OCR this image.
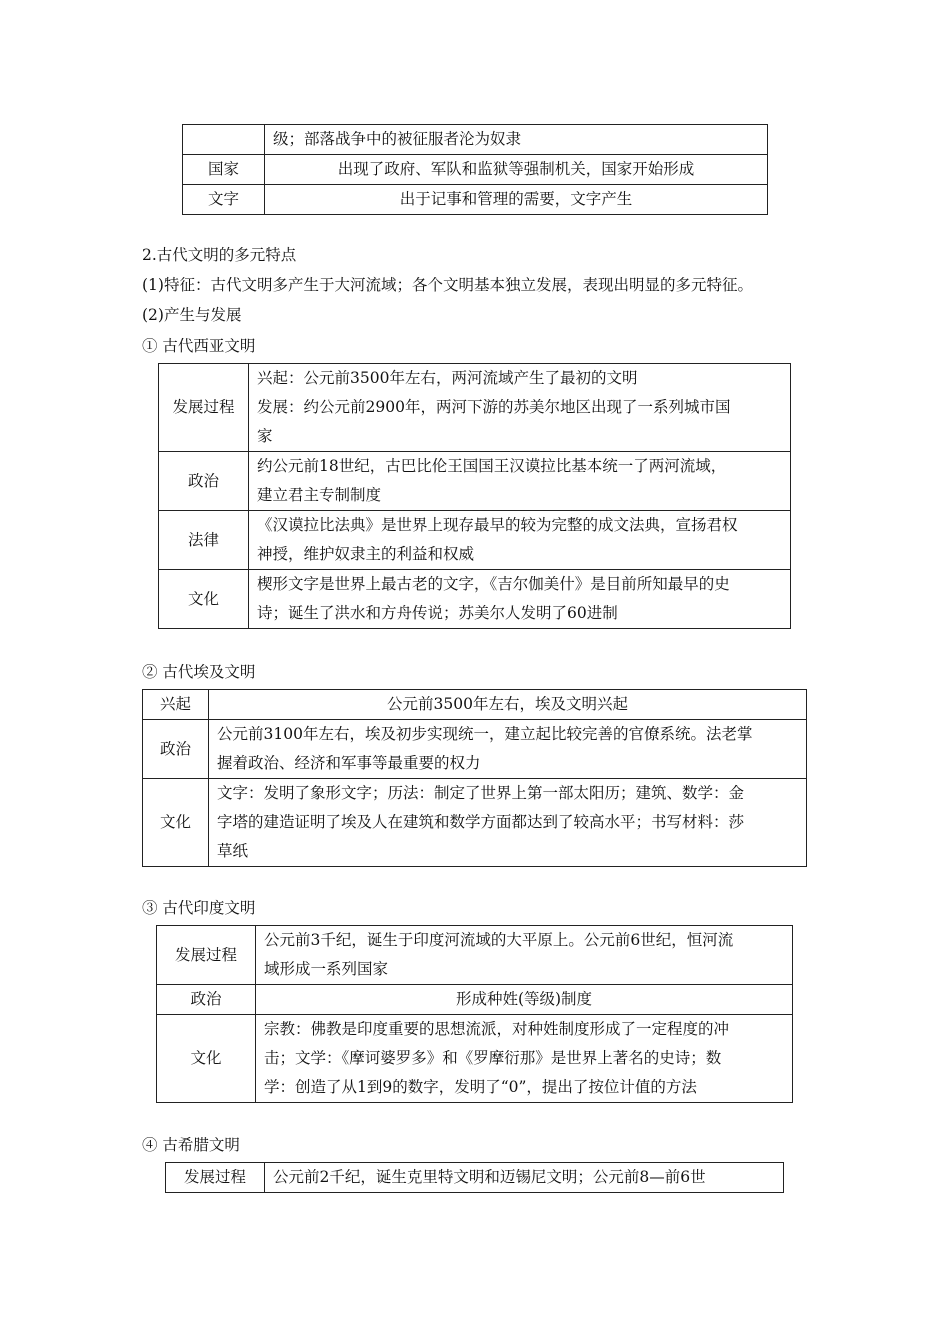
	级；部落战争中的被征服者沦为奴隶
国家	出现了政府、军队和监狱等强制机关，国家开始形成
文字	出于记事和管理的需要，文字产生
2.古代文明的多元特点
(1)特征：古代文明多产生于大河流域；各个文明基本独立发展，表现出明显的多元特征。
(2)产生与发展
① 古代西亚文明
发展过程	兴起：公元前3500年左右，两河流域产生了最初的文明
发展：约公元前2900年，两河下游的苏美尔地区出现了一系列城市国
家

政治	约公元前18世纪，古巴比伦王国国王汉谟拉比基本统一了两河流域，
建立君主专制制度

法律	《汉谟拉比法典》是世界上现存最早的较为完整的成文法典，宣扬君权
神授，维护奴隶主的利益和权威

文化	楔形文字是世界上最古老的文字，《吉尔伽美什》是目前所知最早的史
诗；诞生了洪水和方舟传说；苏美尔人发明了60进制
② 古代埃及文明
兴起	公元前3500年左右，埃及文明兴起

政治	公元前3100年左右，埃及初步实现统一，建立起比较完善的官僚系统。法老掌
握着政治、经济和军事等最重要的权力

文化	文字：发明了象形文字；历法：制定了世界上第一部太阳历；建筑、数学：金
字塔的建造证明了埃及人在建筑和数学方面都达到了较高水平；书写材料：莎
草纸
③ 古代印度文明
发展过程	公元前3千纪，诞生于印度河流域的大平原上。公元前6世纪，恒河流
域形成一系列国家

政治	形成种姓(等级)制度

文化	宗教：佛教是印度重要的思想流派，对种姓制度形成了一定程度的冲
击；文学：《摩诃婆罗多》和《罗摩衍那》是世界上著名的史诗；数
学：创造了从1到9的数字，发明了“0”，提出了按位计值的方法
④ 古希腊文明
发展过程	公元前2千纪，诞生克里特文明和迈锡尼文明；公元前8—前6世
